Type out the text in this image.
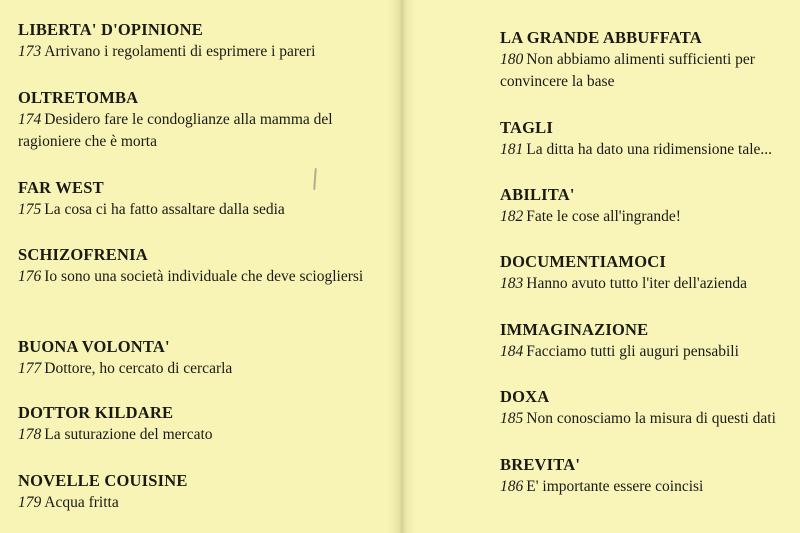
LIBERTA' D'OPINIONE
173 Arrivano i regolamenti di esprimere i pareri
OLTRETOMBA
174 Desidero fare le condoglianze alla mamma del ragioniere che è morta
FAR WEST
175 La cosa ci ha fatto assaltare dalla sedia
SCHIZOFRENIA
176 Io sono una società individuale che deve sciogliersi
BUONA VOLONTA'
177 Dottore, ho cercato di cercarla
DOTTOR KILDARE
178 La suturazione del mercato
NOVELLE COUISINE
179 Acqua fritta
LA GRANDE ABBUFFATA
180 Non abbiamo alimenti sufficienti per convincere la base
TAGLI
181 La ditta ha dato una ridimensione tale...
ABILITA'
182 Fate le cose all'ingrande!
DOCUMENTIAMOCI
183 Hanno avuto tutto l'iter dell'azienda
IMMAGINAZIONE
184 Facciamo tutti gli auguri pensabili
DOXA
185 Non conosciamo la misura di questi dati
BREVITA'
186 E' importante essere coincisi
